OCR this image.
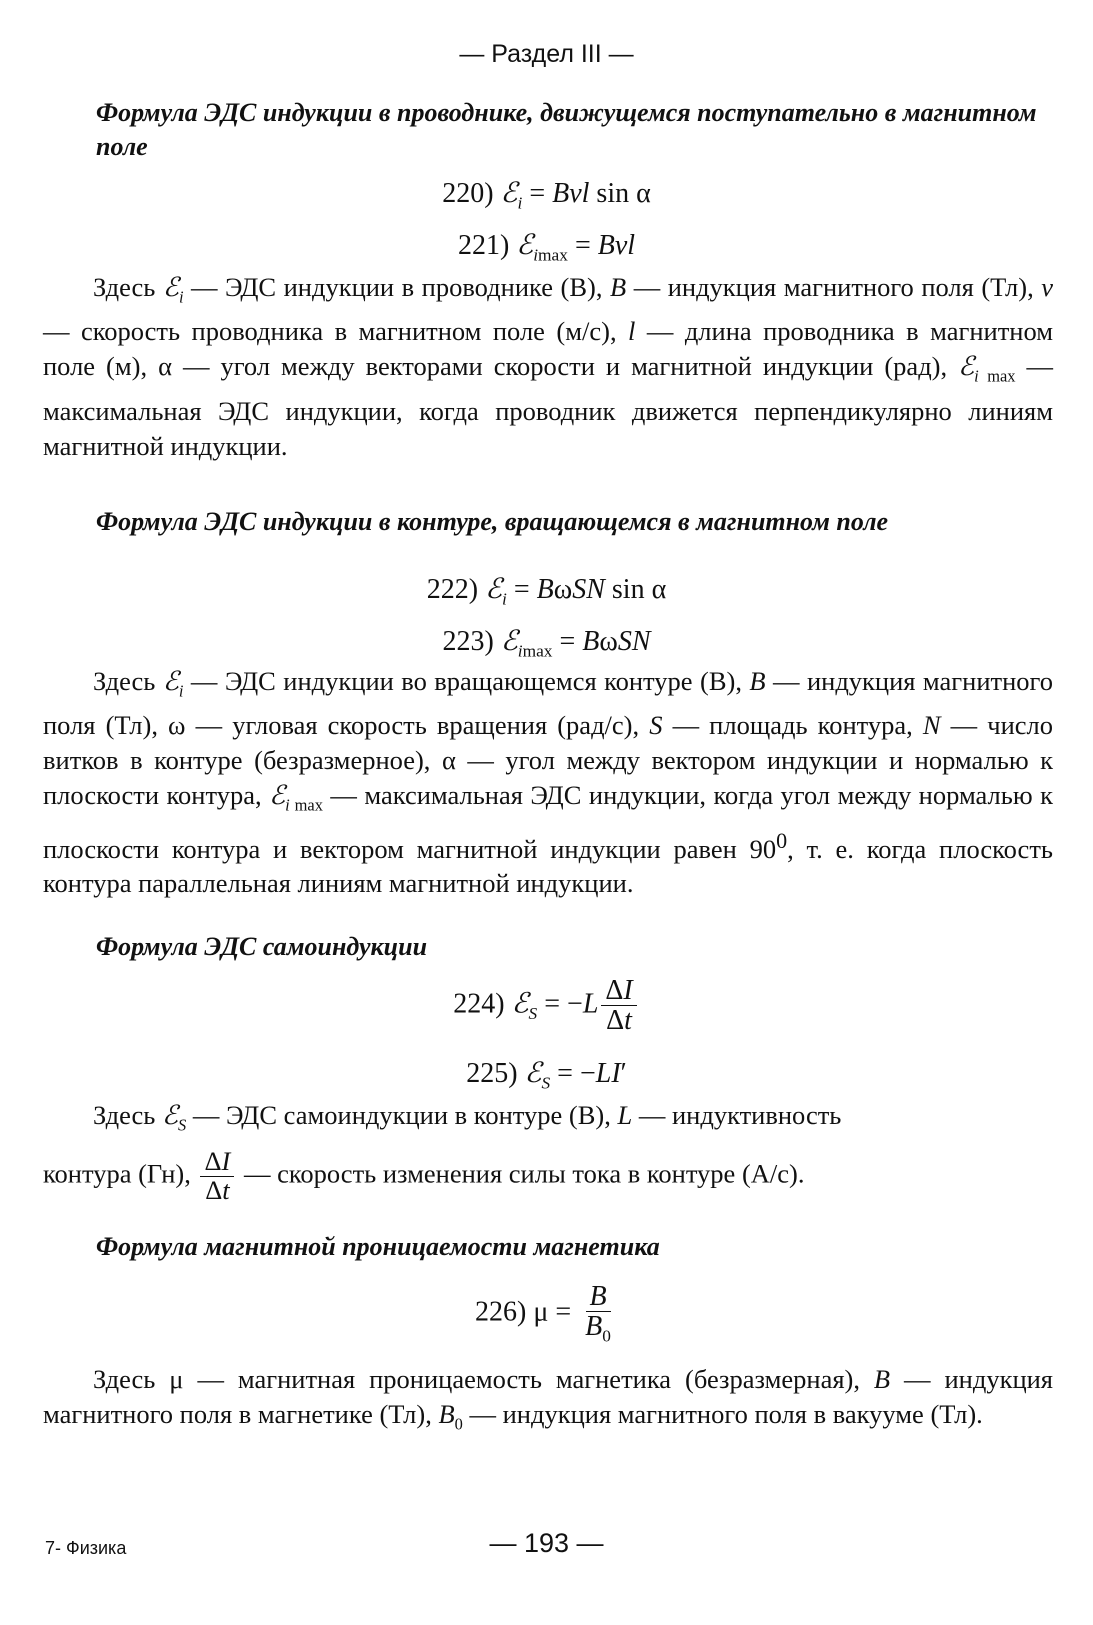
— Раздел III —
Формула ЭДС индукции в проводнике, движущемся поступательно в магнитном поле
220) ℰ$_i$ = Bvl sin α
221) ℰ$_{imax}$ = Bvl

Здесь ℰ$_i$ — ЭДС индукции в проводнике (В), B — индукция магнитного поля (Тл), v — скорость проводника в магнитном поле (м/с), l — длина проводника в магнитном поле (м), α — угол между векторами скорости и магнитной индукции (рад), ℰ$_{i max}$ — максимальная ЭДС индукции, когда проводник движется перпендикулярно линиям магнитной индукции.

Формула ЭДС индукции в контуре, вращающемся в магнитном поле
222) ℰ$_i$ = BωSN sin α
223) ℰ$_{imax}$ = BωSN

Здесь ℰ$_i$ — ЭДС индукции во вращающемся контуре (В), B — индукция магнитного поля (Тл), ω — угловая скорость вращения (рад/с), S — площадь контура, N — число витков в контуре (безразмерное), α — угол между вектором индукции и нормалью к плоскости контура, ℰ$_{i max}$ — максимальная ЭДС индукции, когда угол между нормалью к плоскости контура и вектором магнитной индукции равен $90^0$, т. е. когда плоскость контура параллельная линиям магнитной индукции.

Формула ЭДС самоиндукции
224) ℰ$_S$ = $-L \frac{\Delta I}{\Delta t}$
225) ℰ$_S$ = −LI′

Здесь ℰ$_S$ — ЭДС самоиндукции в контуре (В), L — индуктивность

контура (Гн), $\frac{\Delta I}{\Delta t}$ — скорость изменения силы тока в контуре (А/с).

Формула магнитной проницаемости магнетика
226) $\mu = \frac{B}{B_0}$

Здесь μ — магнитная проницаемость магнетика (безразмерная), B — индукция магнитного поля в магнетике (Тл), $B_0$ — индукция магнитного поля в вакууме (Тл).

7- Физика	— 193 —
